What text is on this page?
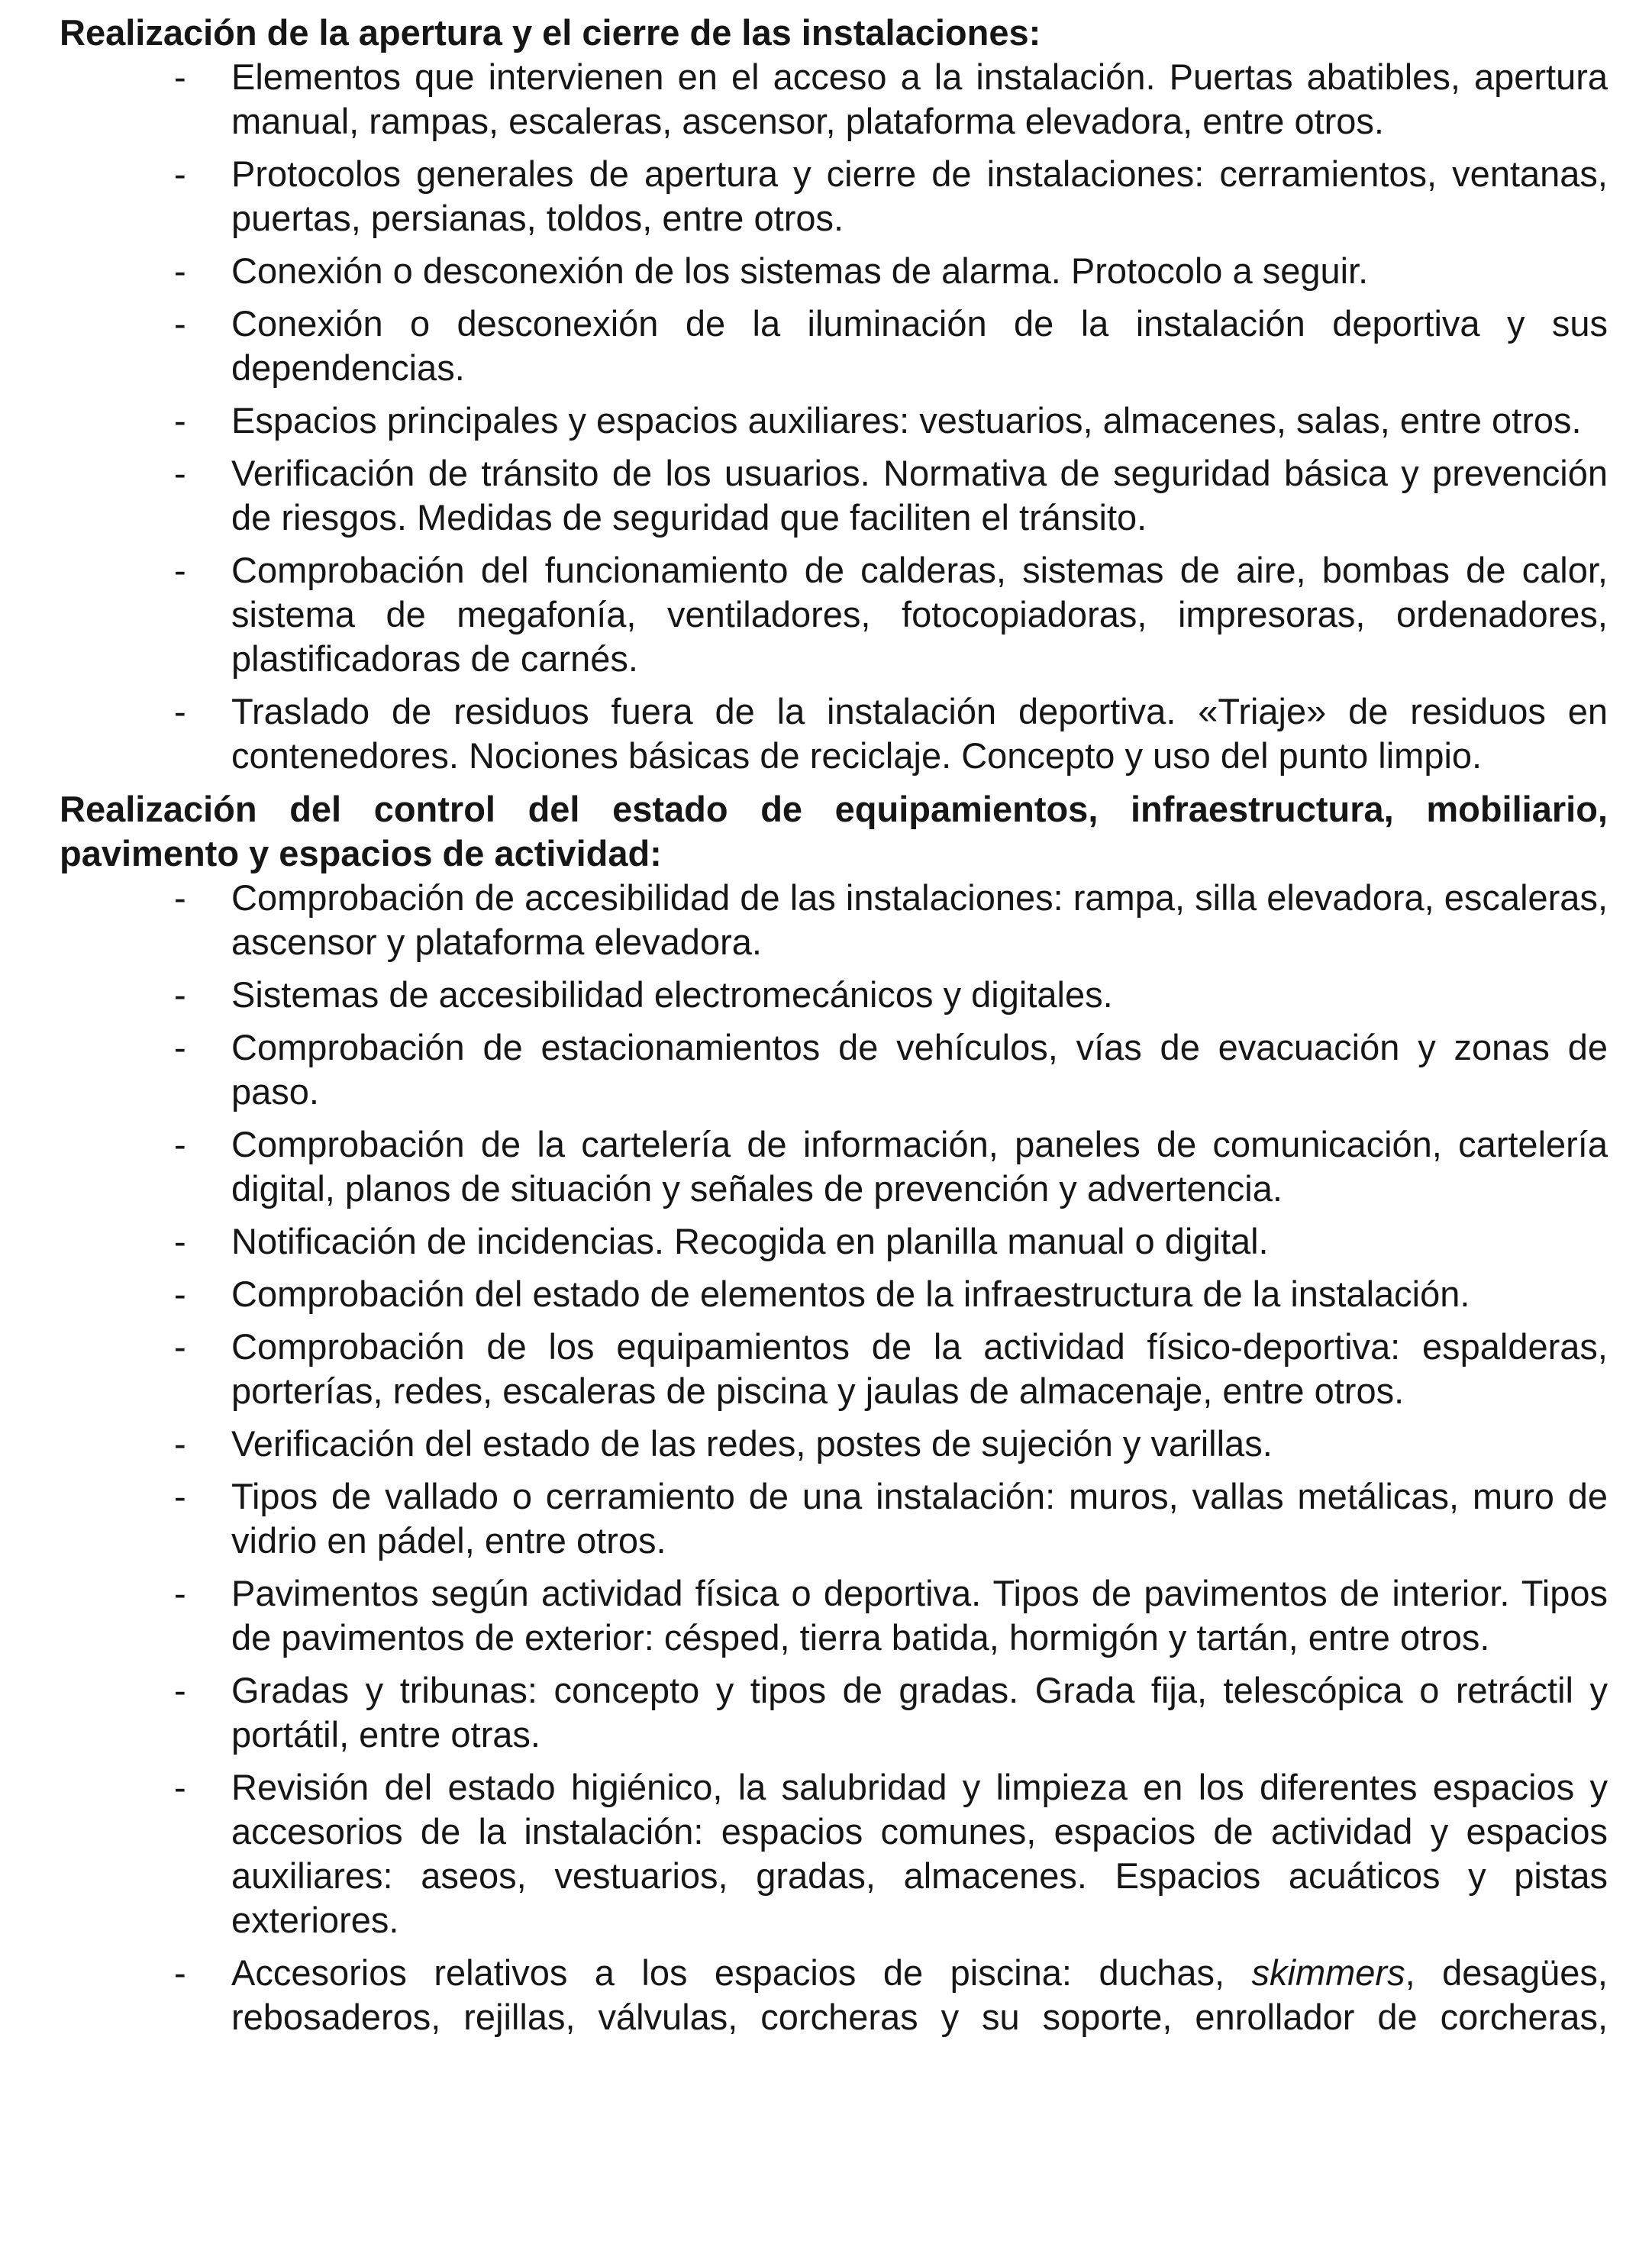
Realización de la apertura y el cierre de las instalaciones:

- Elementos que intervienen en el acceso a la instalación. Puertas abatibles, apertura manual, rampas, escaleras, ascensor, plataforma elevadora, entre otros.
- Protocolos generales de apertura y cierre de instalaciones: cerramientos, ventanas, puertas, persianas, toldos, entre otros.
- Conexión o desconexión de los sistemas de alarma. Protocolo a seguir.
- Conexión o desconexión de la iluminación de la instalación deportiva y sus dependencias.
- Espacios principales y espacios auxiliares: vestuarios, almacenes, salas, entre otros.
- Verificación de tránsito de los usuarios. Normativa de seguridad básica y prevención de riesgos. Medidas de seguridad que faciliten el tránsito.
- Comprobación del funcionamiento de calderas, sistemas de aire, bombas de calor, sistema de megafonía, ventiladores, fotocopiadoras, impresoras, ordenadores, plastificadoras de carnés.
- Traslado de residuos fuera de la instalación deportiva. «Triaje» de residuos en contenedores. Nociones básicas de reciclaje. Concepto y uso del punto limpio.

Realización del control del estado de equipamientos, infraestructura, mobiliario, pavimento y espacios de actividad:

- Comprobación de accesibilidad de las instalaciones: rampa, silla elevadora, escaleras, ascensor y plataforma elevadora.
- Sistemas de accesibilidad electromecánicos y digitales.
- Comprobación de estacionamientos de vehículos, vías de evacuación y zonas de paso.
- Comprobación de la cartelería de información, paneles de comunicación, cartelería digital, planos de situación y señales de prevención y advertencia.
- Notificación de incidencias. Recogida en planilla manual o digital.
- Comprobación del estado de elementos de la infraestructura de la instalación.
- Comprobación de los equipamientos de la actividad físico-deportiva: espalderas, porterías, redes, escaleras de piscina y jaulas de almacenaje, entre otros.
- Verificación del estado de las redes, postes de sujeción y varillas.
- Tipos de vallado o cerramiento de una instalación: muros, vallas metálicas, muro de vidrio en pádel, entre otros.
- Pavimentos según actividad física o deportiva. Tipos de pavimentos de interior. Tipos de pavimentos de exterior: césped, tierra batida, hormigón y tartán, entre otros.
- Gradas y tribunas: concepto y tipos de gradas. Grada fija, telescópica o retráctil y portátil, entre otras.
- Revisión del estado higiénico, la salubridad y limpieza en los diferentes espacios y accesorios de la instalación: espacios comunes, espacios de actividad y espacios auxiliares: aseos, vestuarios, gradas, almacenes. Espacios acuáticos y pistas exteriores.
- Accesorios relativos a los espacios de piscina: duchas, skimmers, desagües, rebosaderos, rejillas, válvulas, corcheras y su soporte, enrollador de corcheras,
